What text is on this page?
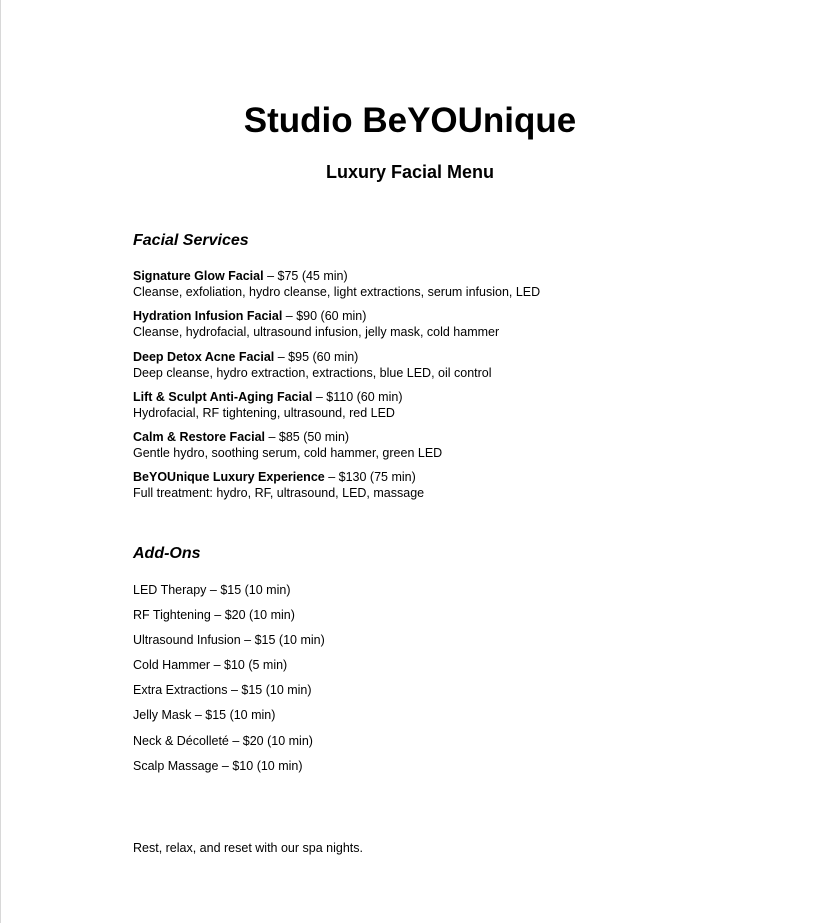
Studio BeYOUnique
Luxury Facial Menu
Facial Services
Signature Glow Facial – $75 (45 min)
Cleanse, exfoliation, hydro cleanse, light extractions, serum infusion, LED
Hydration Infusion Facial – $90 (60 min)
Cleanse, hydrofacial, ultrasound infusion, jelly mask, cold hammer
Deep Detox Acne Facial – $95 (60 min)
Deep cleanse, hydro extraction, extractions, blue LED, oil control
Lift & Sculpt Anti-Aging Facial – $110 (60 min)
Hydrofacial, RF tightening, ultrasound, red LED
Calm & Restore Facial – $85 (50 min)
Gentle hydro, soothing serum, cold hammer, green LED
BeYOUnique Luxury Experience – $130 (75 min)
Full treatment: hydro, RF, ultrasound, LED, massage
Add-Ons
LED Therapy – $15 (10 min)
RF Tightening – $20 (10 min)
Ultrasound Infusion – $15 (10 min)
Cold Hammer – $10 (5 min)
Extra Extractions – $15 (10 min)
Jelly Mask – $15 (10 min)
Neck & Décolleté – $20 (10 min)
Scalp Massage – $10 (10 min)

Rest, relax, and reset with our spa nights.
